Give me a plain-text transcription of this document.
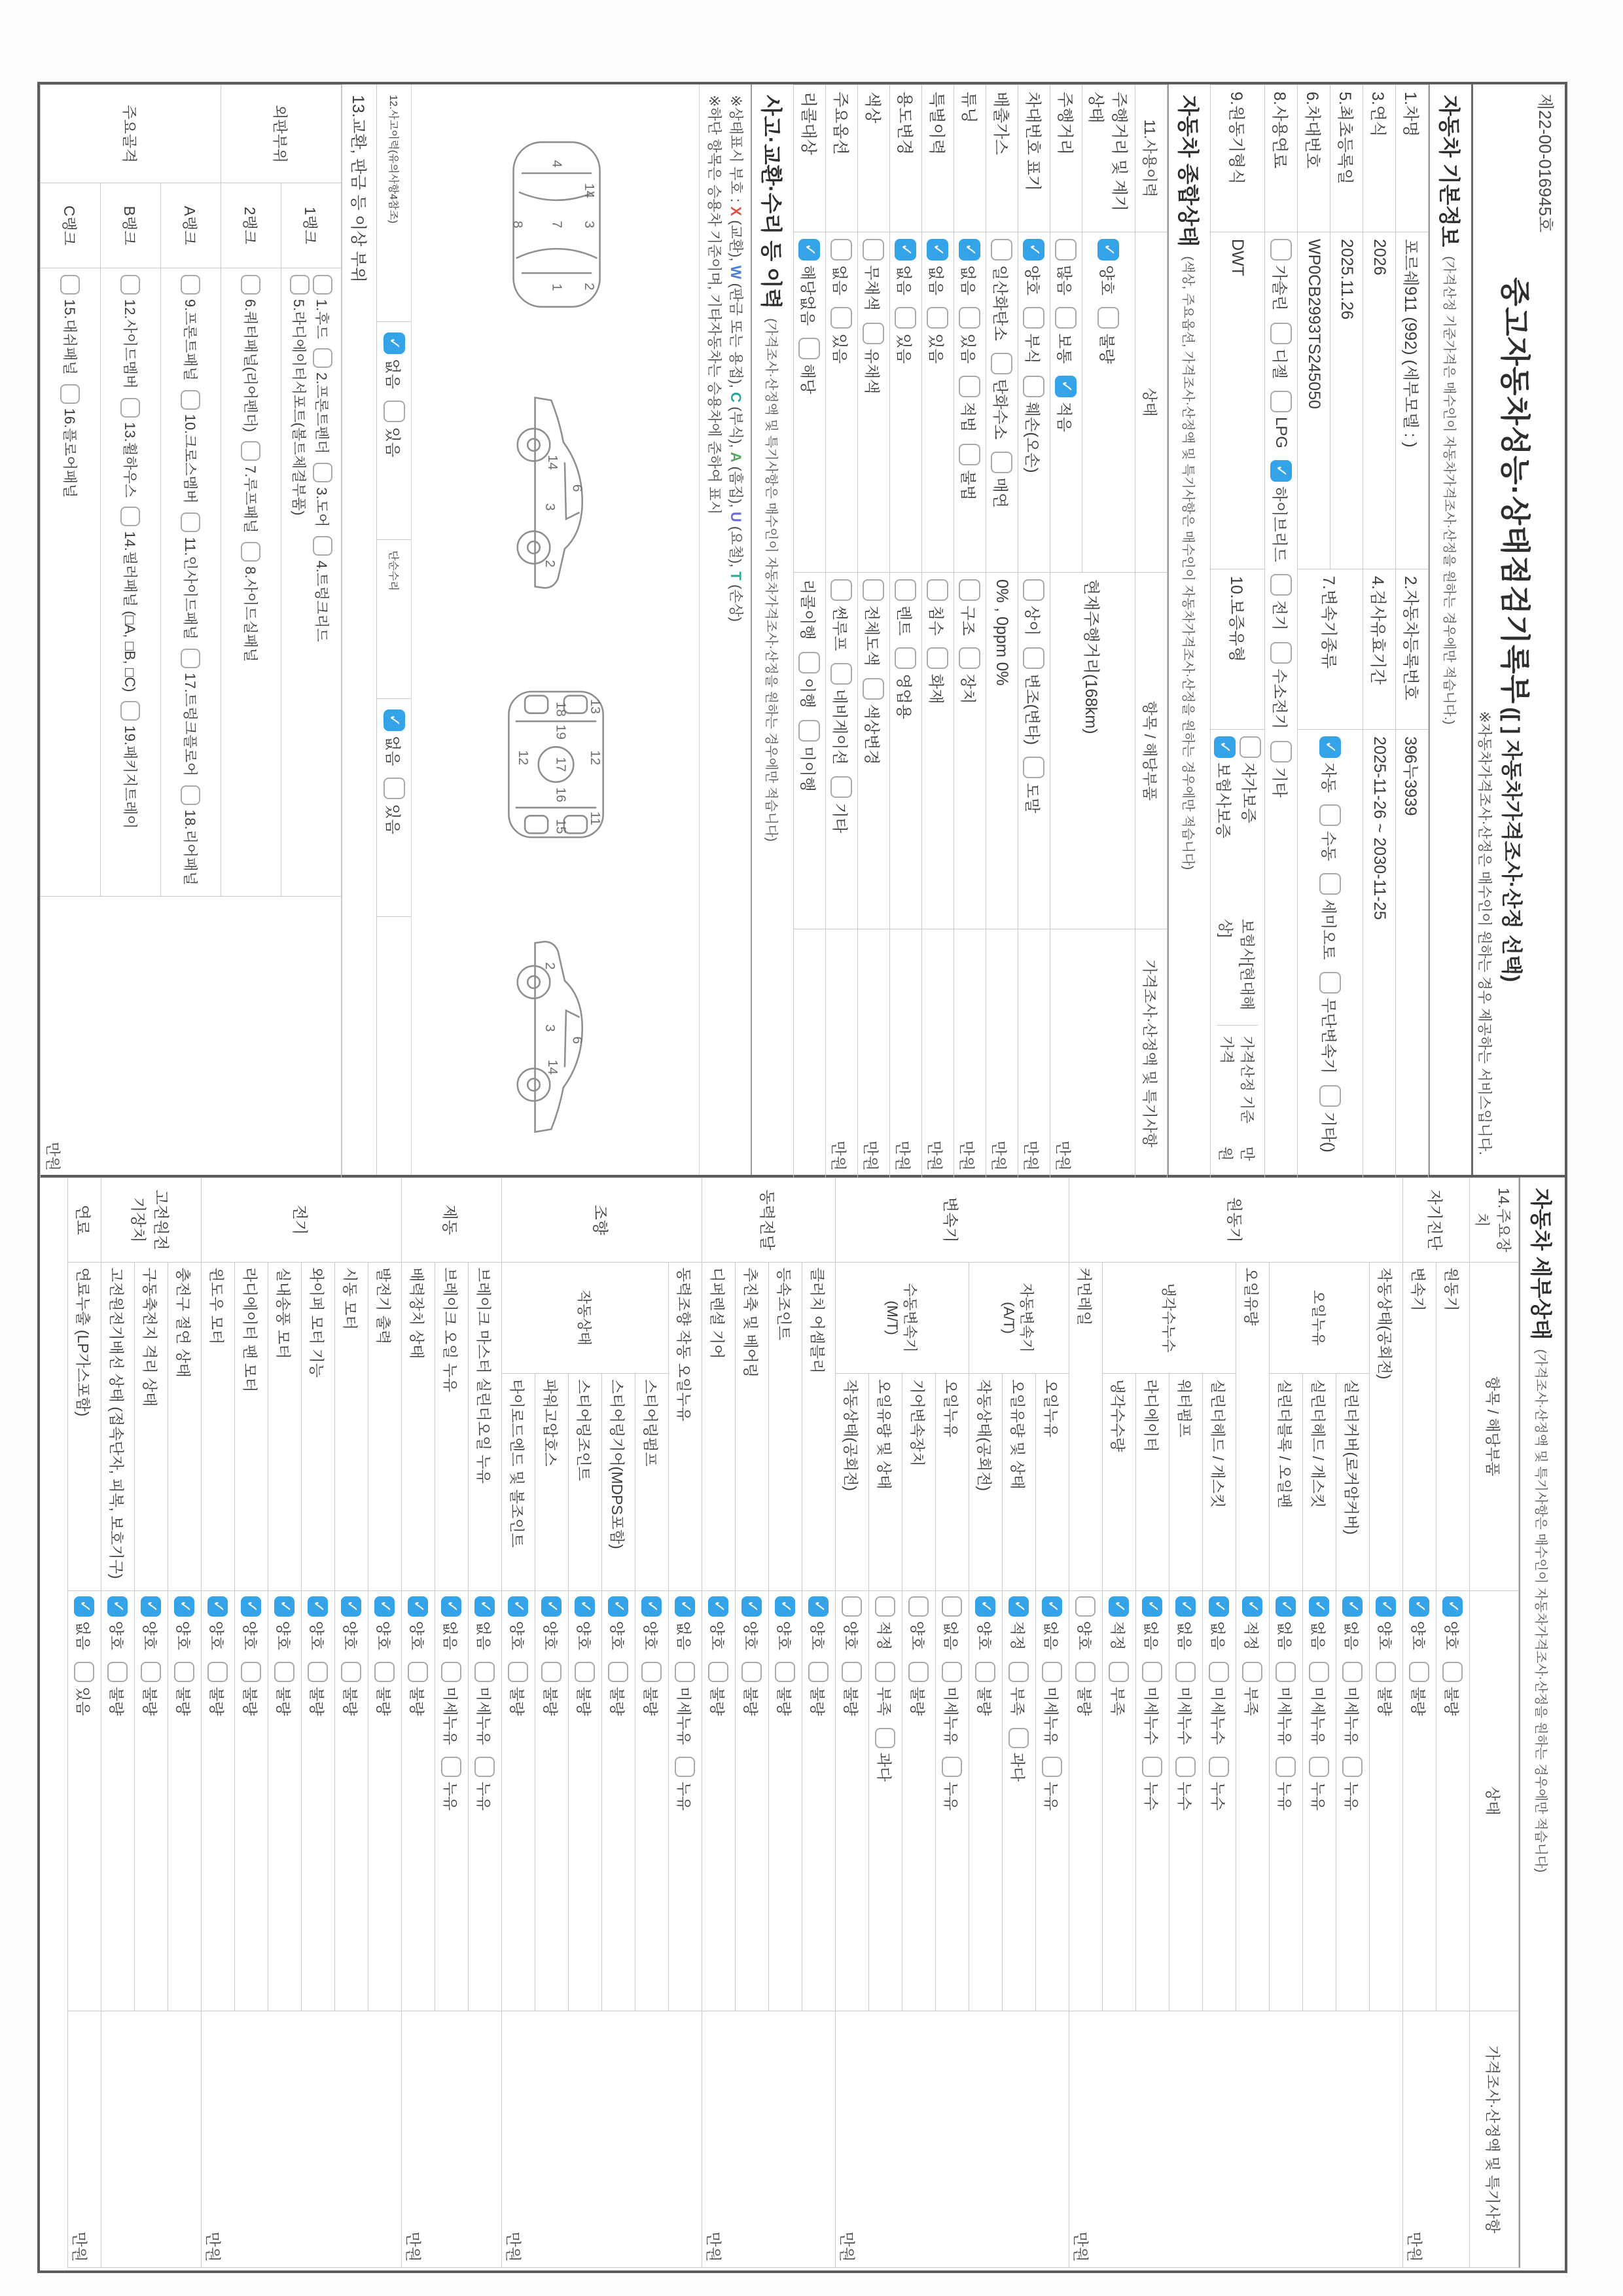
제22-00-016945호
중고자동차성능·상태점검기록부 ([ ] 자동차가격조사·산정 선택)
※자동차가격조사·산정은 매수인이 원하는 경우 제공하는 서비스입니다.
자동차 기본정보
(가격산정 기준가격은 매수인이 자동차가격조사·산정을 원하는 경우에만 적습니다.)
1.차명	포르쉐911 (992) (세부모델 : )	2.자동차등록번호	396누3939
3.연식	2026	4.검사유효기간	2025-11-26 ~ 2030-11-25
5.최초등록일	2025.11.26	7.변속기종류	
✓
자동
수동
세미오토
무단변속기
기타()

6.차대번호	WP0CB2993TS245050		
8.사용연료	
가솔린
디젤
LPG
✓
하이브리드
전기
수소전기
기타

9.원동기형식	DWT	10.보증유형	자가보증
✓
보험사보증
보험사[현대해상]
가격산정 기준가격
만원
자동차 종합상태
(색상, 주요옵션, 가격조사·산정액 및 특기사항은 매수인이 자동차가격조사·산정을 원하는 경우에만 적습니다)
11.사용이력	상태	항목 / 해당부품	가격조사·산정액 및 특기사항
주행거리 및 계기상태	
✓
양호
불량	현재주행거리(168km)	만원
주행거리	많음
보통
✓
적음

차대번호 표기	
✓
양호
부식
훼손(오손)	상이
변조(변타)
도말	만원
배출가스	일산화탄소
탄화수소
매연	0% , 0ppm 0%	만원
튜닝	
✓
없음
있음
적법
불법	구조
장치	만원
특별이력	
✓
없음
있음	침수
화재	만원
용도변경	
✓
없음
있음	렌트
영업용	만원
색상	무채색
유채색	전체도색
색상변경	만원
주요옵션	없음
있음	썬루프
네비게이션
기타	만원
리콜대상	
✓
해당없음
해당	리콜이행
이행
미이행	

사고·교환·수리 등 이력
(가격조사·산정액 및 특기사항은 매수인이 자동차가격조사·산정을 원하는 경우에만 적습니다)
※상태표시 부호 : X (교환), W (판금 또는 용접), C (부식), A (흠집), U (요철), T (손상)
※하단 항목은 승용차 기준이며, 기타자동차는 승용차에 준하여 표시
2
3
8
4
7
1
14
6
3
14
2
17
18
12
12
16
15
19
13
11
6
3
2
14
12.사고이력(유의사항4참조)
✓
없음
있음
단순수리
✓
없음
있음
13.교환, 판금 등 이상 부위
외판부위	1랭크	1.후드
2.프론트펜더
3.도어
4.트렁크리드
5.라디에이터서포트(볼트체결부품)	만원
	2랭크	6.쿼터패널(리어펜더)
7.루프패널
8.사이드실패널	

주요골격	A랭크	9.프론트패널
10.크로스멤버
11.인사이드패널
17.트렁크플로어
18.리어패널	

	B랭크	12.사이드멤버
13.휠하우스
14.필러패널 (□A, □B, □C)
19.패키지트레이	

	C랭크	15.대쉬패널
16.플로어패널	
자동차 세부상태
(가격조사·산정액 및 특기사항은 매수인이 자동차가격조사·산정을 원하는 경우에만 적습니다)
14.주요장치	항목 / 해당부품		상태	가격조사·산정액 및 특기사항
자기진단	원동기	
✓
양호
불량	만원
	변속기	
✓
양호
불량

원동기	작동상태(공회전)	
✓
양호
불량	만원
	오일누유	실린더커버(로커암커버)	
✓
없음
미세누유
누유

		실린더헤드 / 개스킷	
✓
없음
미세누유
누유

		실린더블록 / 오일팬	
✓
없음
미세누유
누유

	오일유량	
✓
적정
부족

	냉각수누수	실린더헤드 / 개스킷	
✓
없음
미세누수
누수

		워터펌프	
✓
없음
미세누수
누수

		라디에이터	
✓
없음
미세누수
누수

		냉각수수량	
✓
적정
부족

	커먼레일		양호
불량	

변속기	자동변속기 (A/T)	오일누유	
✓
없음
미세누유
누유	만원
		오일유량 및 상태	
✓
적정
부족
과다

		작동상태(공회전)	
✓
양호
불량

	수동변속기 (M/T)	오일누유	없음
미세누유
누유	

		기어변속장치	양호
불량	

		오일유량 및 상태	적정
부족
과다	

		작동상태(공회전)	양호
불량	

동력전달	클러치 어셈블리	
✓
양호
불량	만원
	등속조인트	
✓
양호
불량

	추진축 및 베어링	
✓
양호
불량

	디퍼렌셜 기어	
✓
양호
불량

조향	동력조향 작동 오일누유	
✓
없음
미세누유
누유	만원
	작동상태	스티어링펌프	
✓
양호
불량

		스티어링기어(MDPS포함)	
✓
양호
불량

		스티어링조인트	
✓
양호
불량

		파워고압호스	
✓
양호
불량

		타이로드엔드 및 볼조인트	
✓
양호
불량

제동	브레이크 마스터 실린더오일 누유	
✓
없음
미세누유
누유	만원
	브레이크 오일 누유	
✓
없음
미세누유
누유

	배력장치 상태	
✓
양호
불량

전기	발전기 출력	
✓
양호
불량	만원
	시동 모터	
✓
양호
불량

	와이퍼 모터 기능	
✓
양호
불량

	실내송풍 모터	
✓
양호
불량

	라디에이터 팬 모터	
✓
양호
불량

	윈도우 모터	
✓
양호
불량

고전원전기장치	충전구 절연 상태	
✓
양호
불량

	구동축전지 격리 상태	
✓
양호
불량

	고전원전기배선 상태 (접속단자, 피복, 보호기구)	
✓
양호
불량

연료	연료누출 (LP가스포함)	
✓
없음
있음	만원
